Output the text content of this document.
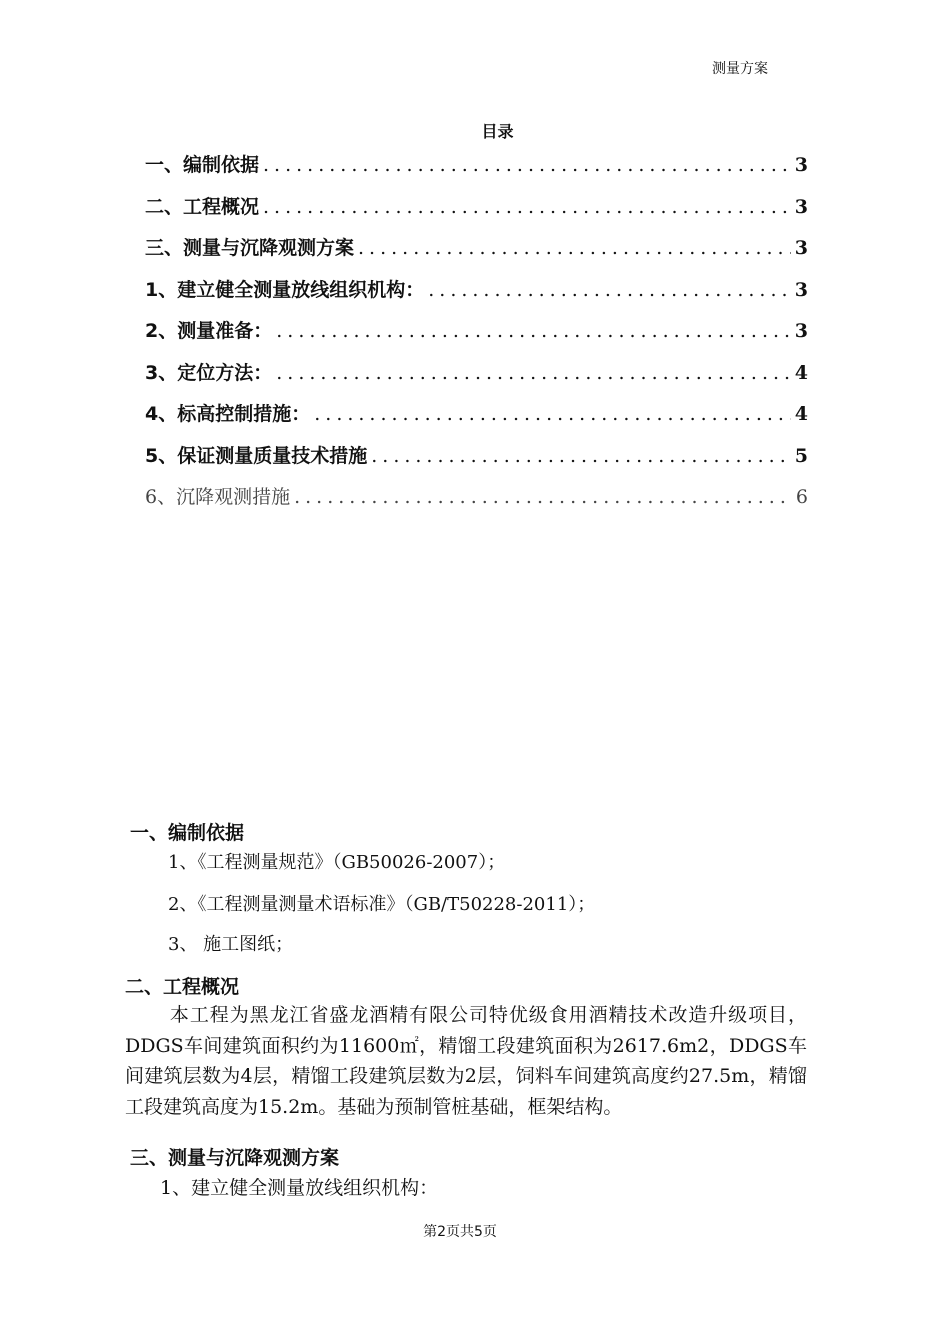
测量方案
目录
一、编制依据 .....	3
二、工程概况 .....	3
三、测量与沉降观测方案 .....	3
1、建立健全测量放线组织机构： .....	3
2、测量准备： .....	3
3、定位方法： .....	4
4、标高控制措施： .....	4
5、保证测量质量技术措施 .....	5
6、沉降观测措施 .....	6
一、编制依据
1、《工程测量规范》（GB50026-2007）；
2、《工程测量测量术语标准》（GB/T50228-2011）；
3、 施工图纸；
二、工程概况
本工程为黑龙江省盛龙酒精有限公司特优级食用酒精技术改造升级项目，DDGS车间建筑面积约为11600㎡，精馏工段建筑面积为2617.6m2，DDGS车间建筑层数为4层，精馏工段建筑层数为2层，饲料车间建筑高度约27.5m，精馏工段建筑高度为15.2m。基础为预制管桩基础，框架结构。
三、测量与沉降观测方案
1、建立健全测量放线组织机构：
第2页共5页
